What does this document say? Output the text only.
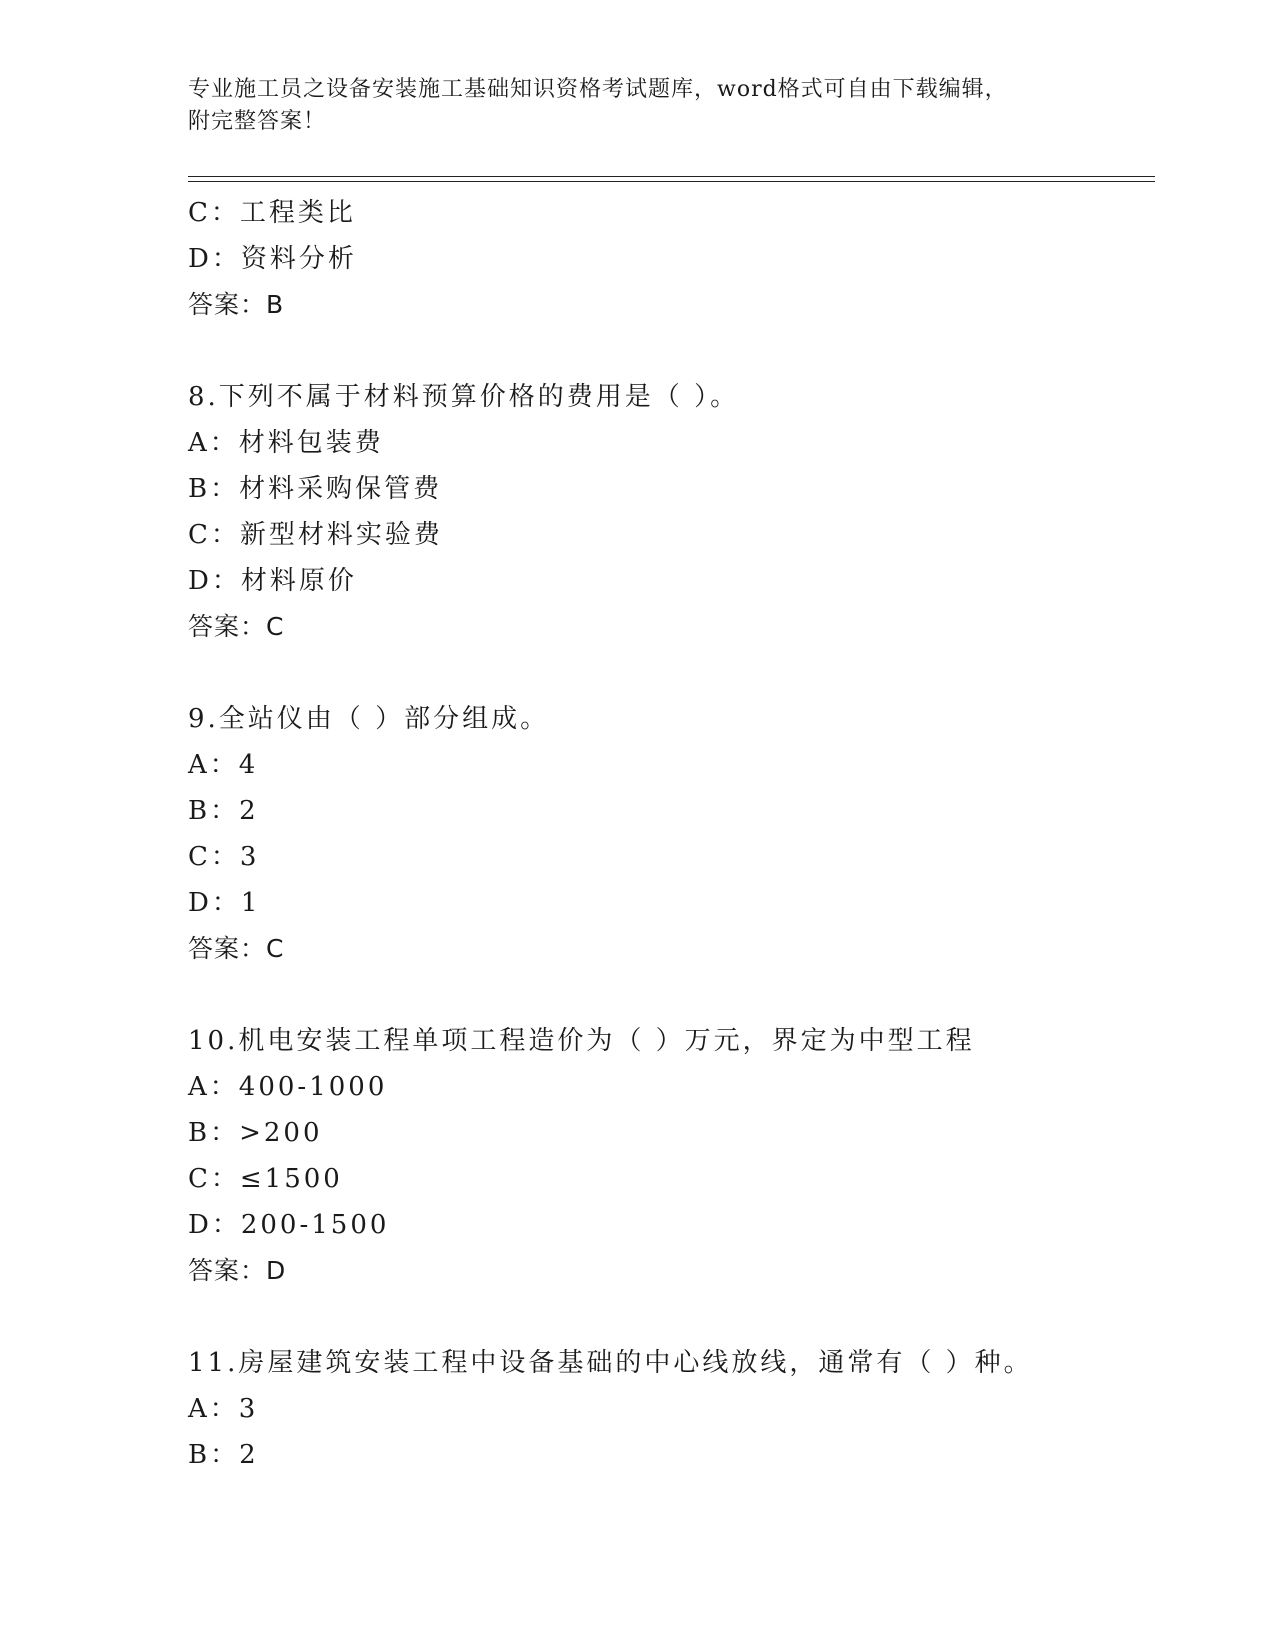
专业施工员之设备安装施工基础知识资格考试题库，word格式可自由下载编辑，
附完整答案！
C：工程类比
D：资料分析
答案：B
8.下列不属于材料预算价格的费用是（ ）。
A：材料包装费
B：材料采购保管费
C：新型材料实验费
D：材料原价
答案：C
9.全站仪由（ ）部分组成。
A：4
B：2
C：3
D：1
答案：C
10.机电安装工程单项工程造价为（ ）万元，界定为中型工程
A：400-1000
B：>200
C：≤1500
D：200-1500
答案：D
11.房屋建筑安装工程中设备基础的中心线放线，通常有（ ）种。
A：3
B：2
